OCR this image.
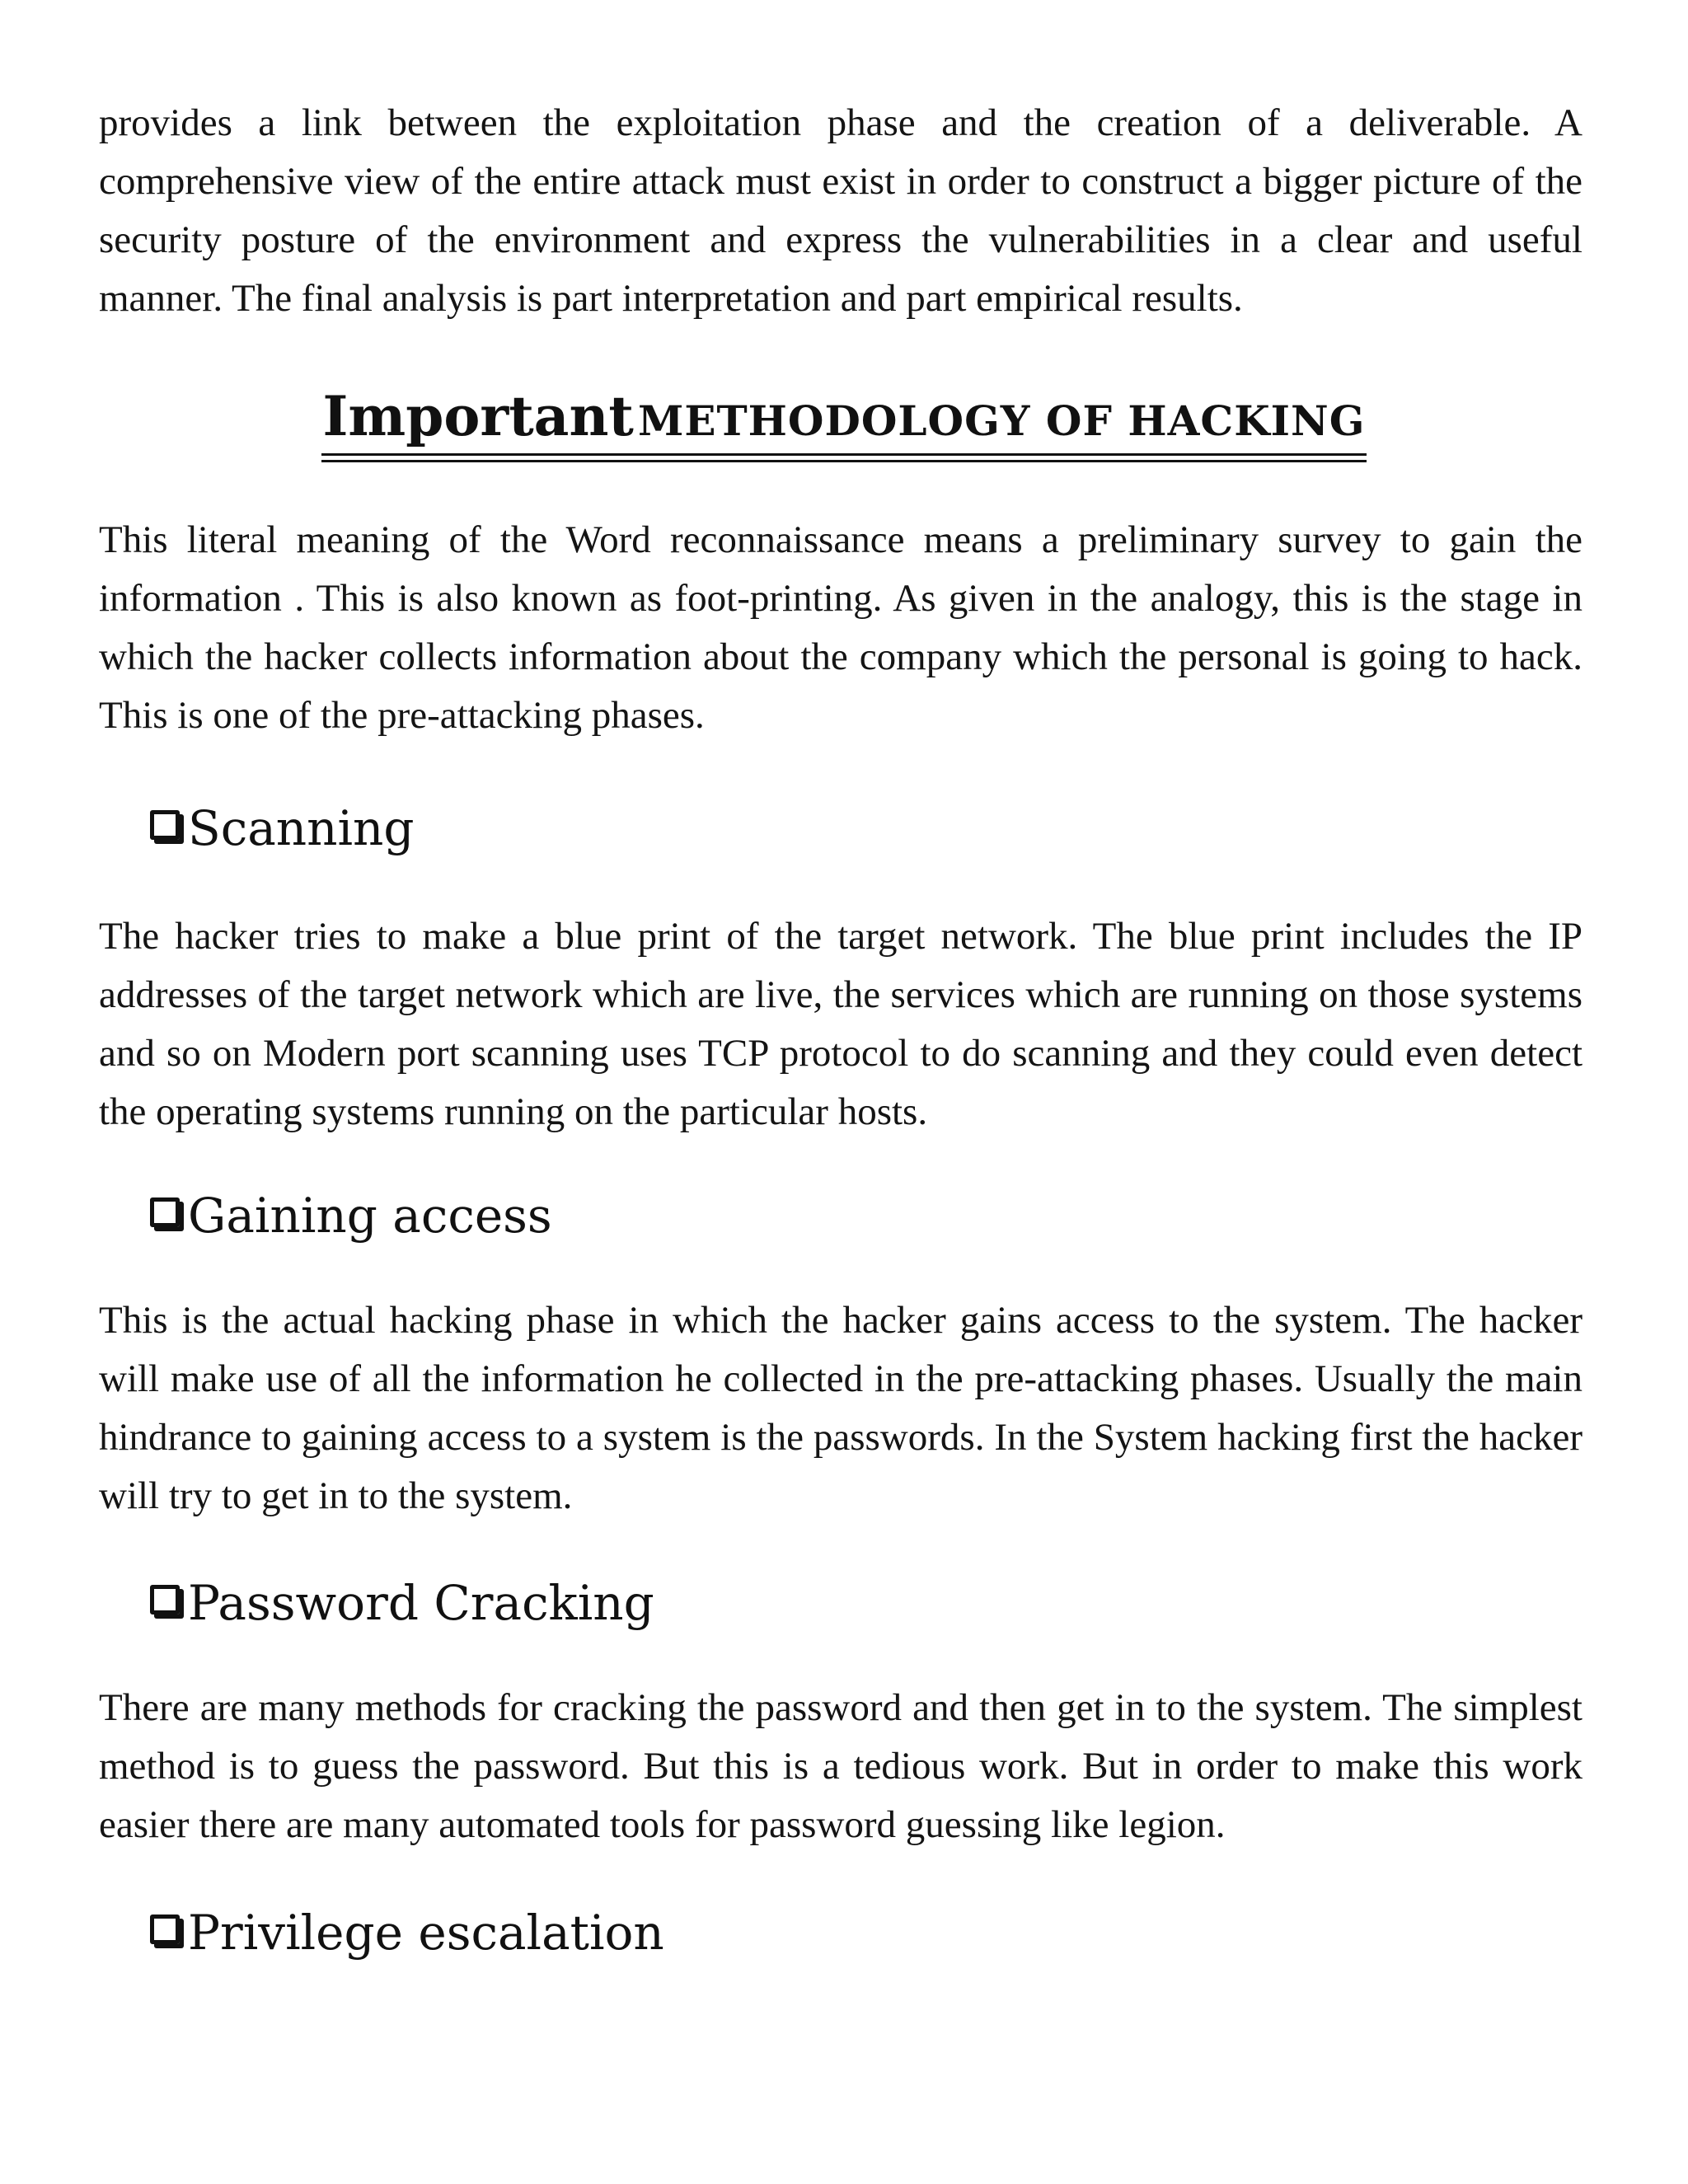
provides a link between the exploitation phase and the creation of a deliverable. A comprehensive view of the entire attack must exist in order to construct a bigger picture of the security posture of the environment and express the vulnerabilities in a clear and useful manner. The final analysis is part interpretation and part empirical results.

Important METHODOLOGY OF HACKING

This literal meaning of the Word reconnaissance means a preliminary survey to gain the information . This is also known as foot-printing. As given in the analogy, this is the stage in which the hacker collects information about the company which the personal is going to hack. This is one of the pre-attacking phases.

Scanning

The hacker tries to make a blue print of the target network. The blue print includes the IP addresses of the target network which are live, the services which are running on those systems and so on Modern port scanning uses TCP protocol to do scanning and they could even detect the operating systems running on the particular hosts.

Gaining access

This is the actual hacking phase in which the hacker gains access to the system. The hacker will make use of all the information he collected in the pre-attacking phases. Usually the main hindrance to gaining access to a system is the passwords. In the System hacking first the hacker will try to get in to the system.

Password Cracking

There are many methods for cracking the password and then get in to the system. The simplest method is to guess the password. But this is a tedious work. But in order to make this work easier there are many automated tools for password guessing like legion.

Privilege escalation
